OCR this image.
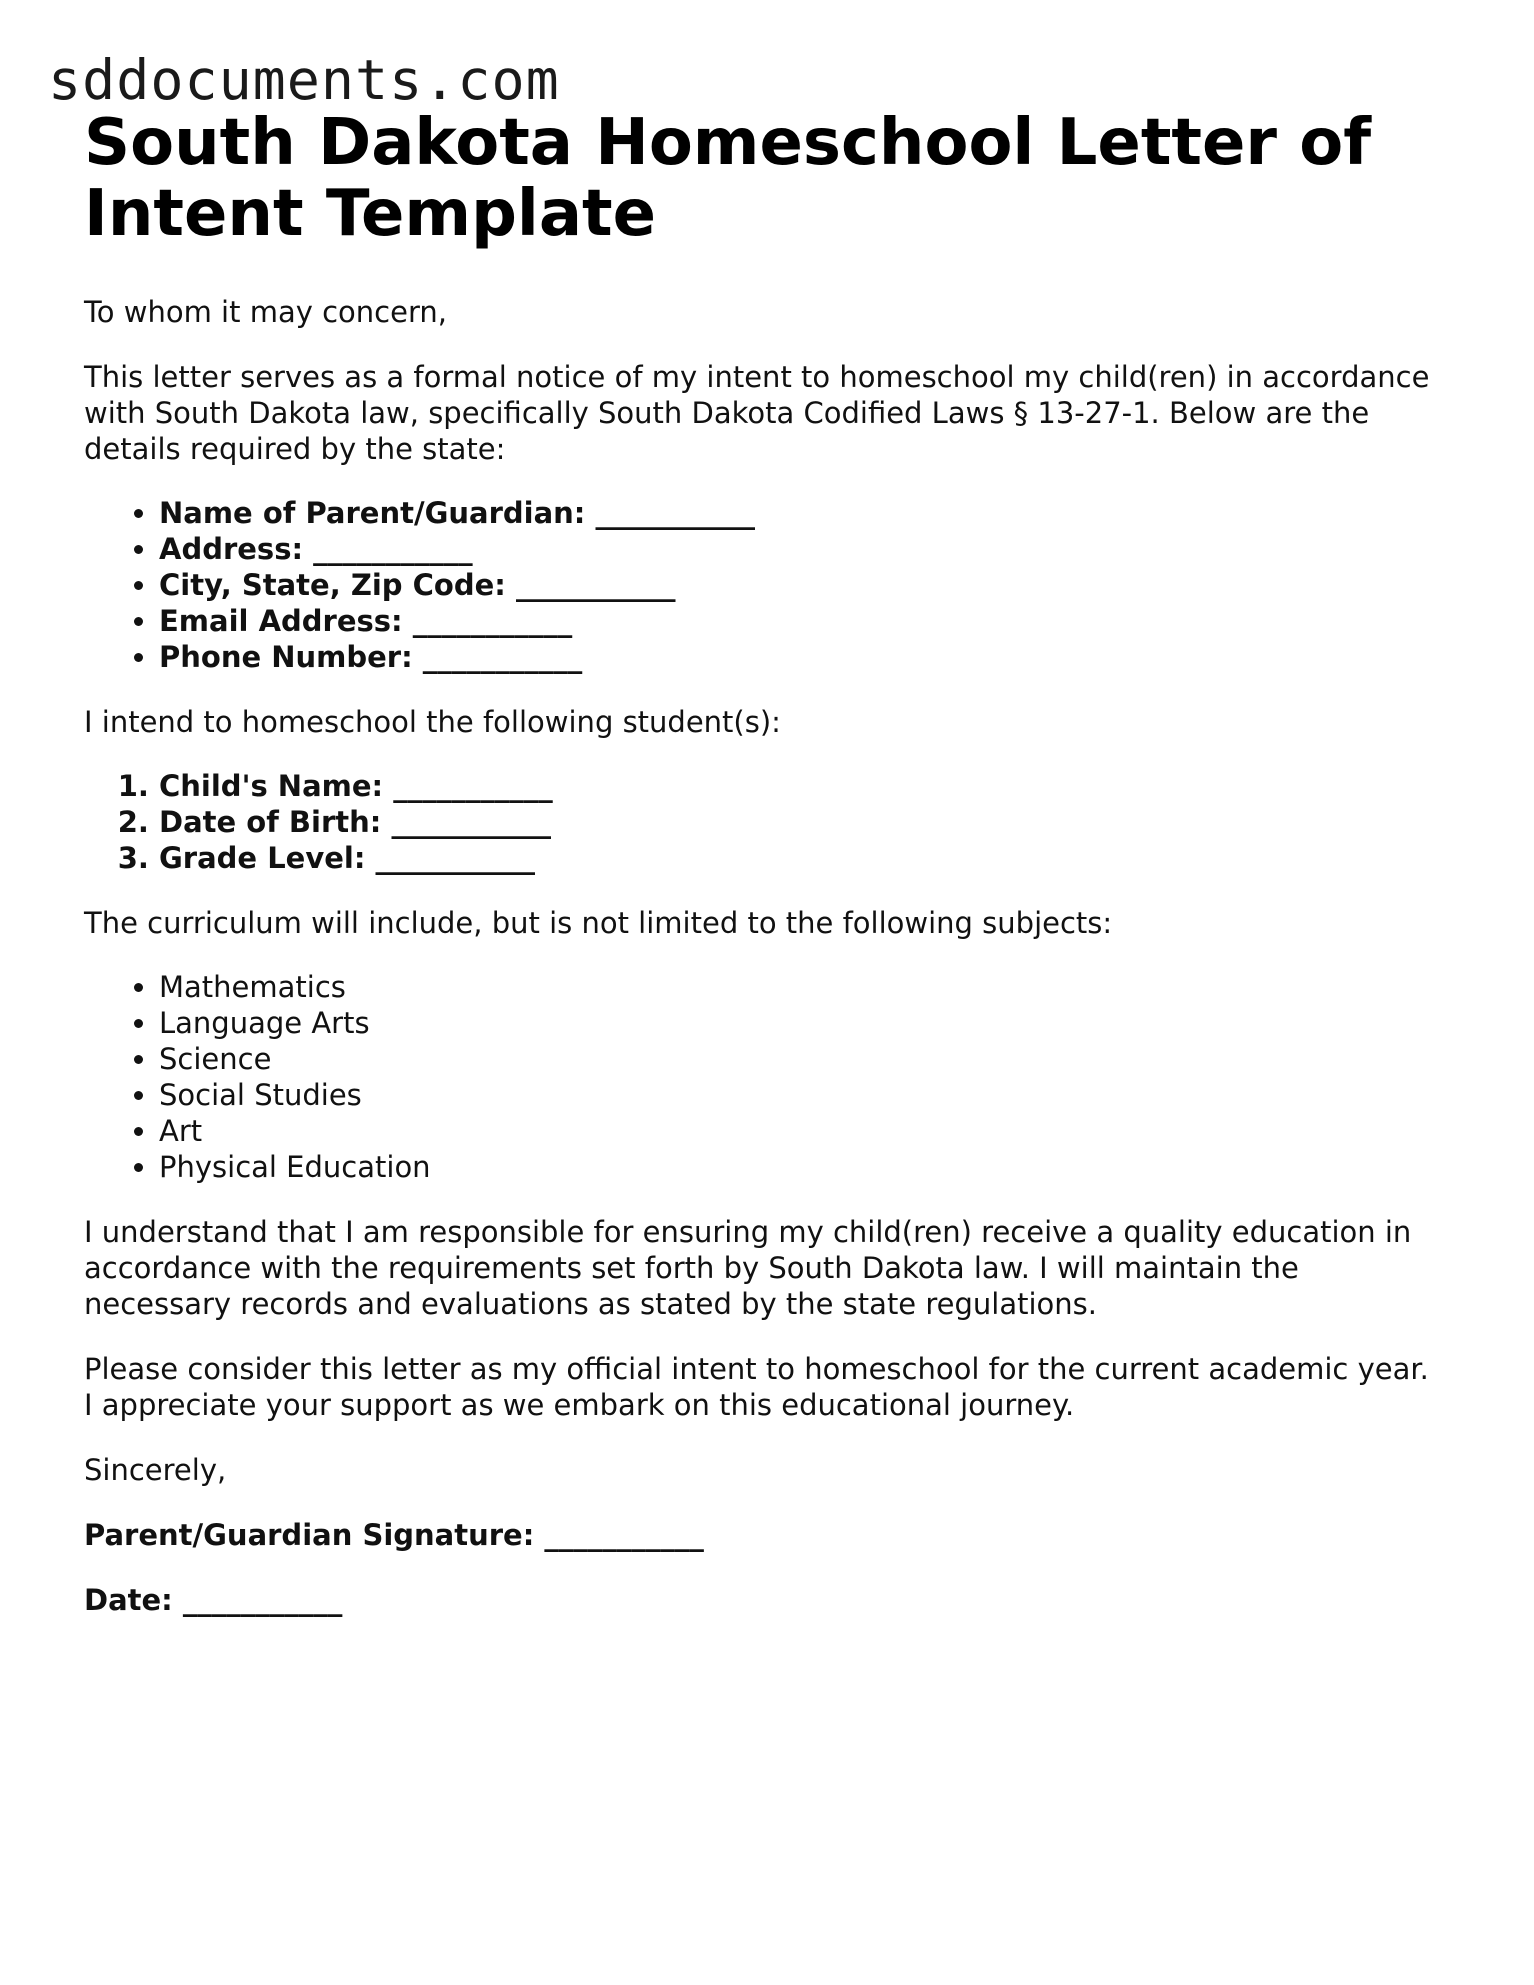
sddocuments.com
South Dakota Homeschool Letter of Intent Template

To whom it may concern,

This letter serves as a formal notice of my intent to homeschool my child(ren) in accordance with South Dakota law, specifically South Dakota Codified Laws § 13-27-1. Below are the details required by the state:

• Name of Parent/Guardian: ___________
• Address: ___________
• City, State, Zip Code: ___________
• Email Address: ___________
• Phone Number: ___________

I intend to homeschool the following student(s):

1. Child's Name: ___________
2. Date of Birth: ___________
3. Grade Level: ___________

The curriculum will include, but is not limited to the following subjects:

• Mathematics
• Language Arts
• Science
• Social Studies
• Art
• Physical Education

I understand that I am responsible for ensuring my child(ren) receive a quality education in accordance with the requirements set forth by South Dakota law. I will maintain the necessary records and evaluations as stated by the state regulations.

Please consider this letter as my official intent to homeschool for the current academic year. I appreciate your support as we embark on this educational journey.

Sincerely,

Parent/Guardian Signature: ___________

Date: ___________
